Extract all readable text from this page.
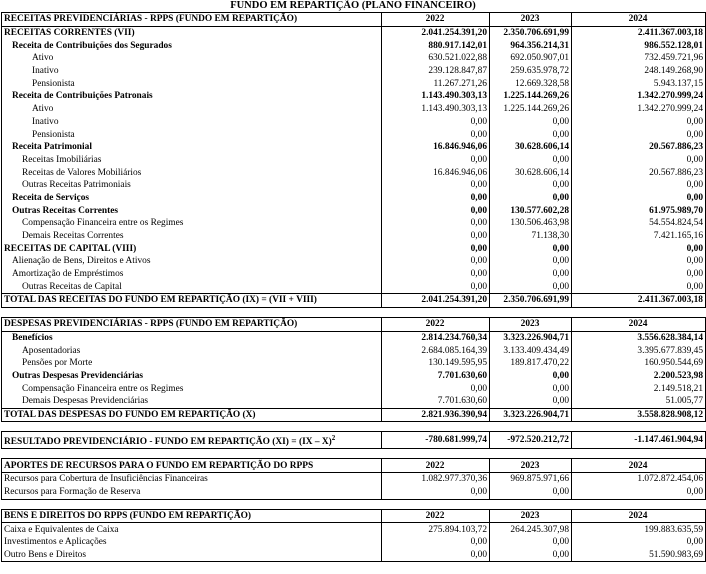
FUNDO EM REPARTIÇÃO (PLANO FINANCEIRO)
RECEITAS PREVIDENCIÁRIAS - RPPS (FUNDO EM REPARTIÇÃO)	2022	2023	2024
RECEITAS CORRENTES (VII)	2.041.254.391,20	2.350.706.691,99	2.411.367.003,18
Receita de Contribuições dos Segurados	880.917.142,01	964.356.214,31	986.552.128,01
Ativo	630.521.022,88	692.050.907,01	732.459.721,96
Inativo	239.128.847,87	259.635.978,72	248.149.268,90
Pensionista	11.267.271,26	12.669.328,58	5.943.137,15
Receita de Contribuições Patronais	1.143.490.303,13	1.225.144.269,26	1.342.270.999,24
Ativo	1.143.490.303,13	1.225.144.269,26	1.342.270.999,24
Inativo	0,00	0,00	0,00
Pensionista	0,00	0,00	0,00
Receita Patrimonial	16.846.946,06	30.628.606,14	20.567.886,23
Receitas Imobiliárias	0,00	0,00	0,00
Receitas de Valores Mobiliários	16.846.946,06	30.628.606,14	20.567.886,23
Outras Receitas Patrimoniais	0,00	0,00	0,00
Receita de Serviços	0,00	0,00	0,00
Outras Receitas Correntes	0,00	130.577.602,28	61.975.989,70
Compensação Financeira entre os Regimes	0,00	130.506.463,98	54.554.824,54
Demais Receitas Correntes	0,00	71.138,30	7.421.165,16
RECEITAS DE CAPITAL (VIII)	0,00	0,00	0,00
Alienação de Bens, Direitos e Ativos	0,00	0,00	0,00
Amortização de Empréstimos	0,00	0,00	0,00
Outras Receitas de Capital	0,00	0,00	0,00
TOTAL DAS RECEITAS DO FUNDO EM REPARTIÇÃO (IX) = (VII + VIII)	2.041.254.391,20	2.350.706.691,99	2.411.367.003,18

DESPESAS PREVIDENCIÁRIAS - RPPS (FUNDO EM REPARTIÇÃO)	2022	2023	2024
Benefícios	2.814.234.760,34	3.323.226.904,71	3.556.628.384,14
Aposentadorias	2.684.085.164,39	3.133.409.434,49	3.395.677.839,45
Pensões por Morte	130.149.595,95	189.817.470,22	160.950.544,69
Outras Despesas Previdenciárias	7.701.630,60	0,00	2.200.523,98
Compensação Financeira entre os Regimes	0,00	0,00	2.149.518,21
Demais Despesas Previdenciárias	7.701.630,60	0,00	51.005,77
TOTAL DAS DESPESAS DO FUNDO EM REPARTIÇÃO (X)	2.821.936.390,94	3.323.226.904,71	3.558.828.908,12

RESULTADO PREVIDENCIÁRIO - FUNDO EM REPARTIÇÃO (XI) = (IX – X)$^2$	-780.681.999,74	-972.520.212,72	-1.147.461.904,94

APORTES DE RECURSOS PARA O FUNDO EM REPARTIÇÃO DO RPPS	2022	2023	2024
Recursos para Cobertura de Insuficiências Financeiras	1.082.977.370,36	969.875.971,66	1.072.872.454,06
Recursos para Formação de Reserva	0,00	0,00	0,00

BENS E DIREITOS DO RPPS (FUNDO EM REPARTIÇÃO)	2022	2023	2024
Caixa e Equivalentes de Caixa	275.894.103,72	264.245.307,98	199.883.635,59
Investimentos e Aplicações	0,00	0,00	0,00
Outro Bens e Direitos	0,00	0,00	51.590.983,69
